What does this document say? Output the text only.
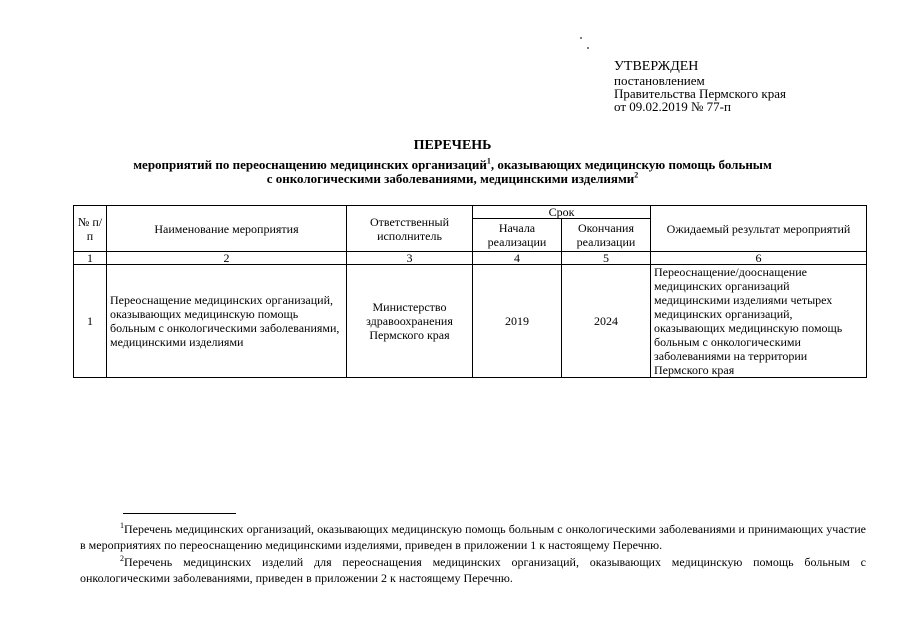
УТВЕРЖДЕН
постановлением
Правительства Пермского края
от 09.02.2019 № 77-п
ПЕРЕЧЕНЬ
мероприятий по переоснащению медицинских организаций$^1$, оказывающих медицинскую помощь больным
с онкологическими заболеваниями, медицинскими изделиями$^2$
№ п/п	Наименование мероприятия	Ответственный исполнитель	Срок		Ожидаемый результат мероприятий
			Начала реализации	Окончания реализации	
1	2	3	4	5	6
1	Переоснащение медицинских организаций, оказывающих медицинскую помощь больным с онкологическими заболеваниями, медицинскими изделиями	Министерство здравоохранения Пермского края	2019	2024	Переоснащение/дооснащение медицинских организаций медицинскими изделиями четырех медицинских организаций, оказывающих медицинскую помощь больным с онкологическими заболеваниями на территории Пермского края
$^1$Перечень медицинских организаций, оказывающих медицинскую помощь больным с онкологическими заболеваниями и принимающих участие в мероприятиях по переоснащению медицинскими изделиями, приведен в приложении 1 к настоящему Перечню.
$^2$Перечень медицинских изделий для переоснащения медицинских организаций, оказывающих медицинскую помощь больным с онкологическими заболеваниями, приведен в приложении 2 к настоящему Перечню.
